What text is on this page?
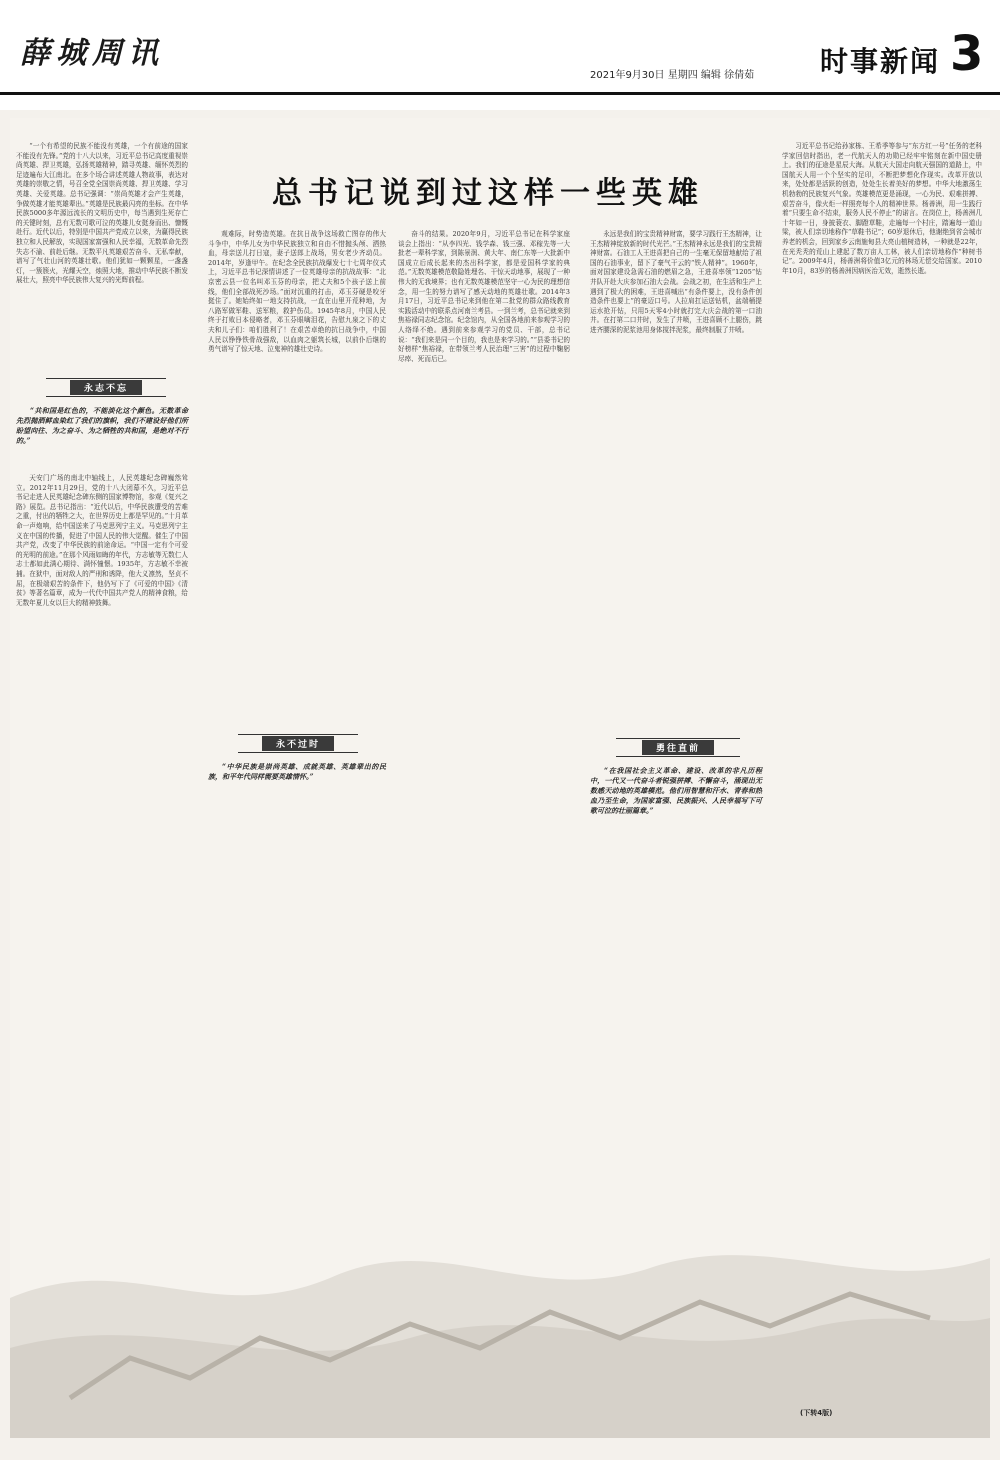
薛城周讯
2021年9月30日 星期四 编辑 徐倩茹 时事新闻 3
总书记说到过这样一些英雄

“一个有希望的民族不能没有英雄，一个有前途的国家不能没有先锋。”党的十八大以来，习近平总书记高度重视崇尚英雄、捍卫英雄，弘扬英雄精神，踏寻英雄、缅怀英烈的足迹遍布大江南北。在多个场合讲述英雄人物故事，表达对英雄的崇敬之情，号召全党全国崇尚英雄、捍卫英雄、学习英雄、关爱英雄。总书记强调：“崇尚英雄才会产生英雄，争做英雄才能英雄辈出。”英雄是民族最闪亮的坐标。在中华民族5000多年源远流长的文明历史中，每当遇到生死存亡的关键时刻，总有无数可歌可泣的英雄儿女挺身而出、慷慨赴行。近代以后，特别是中国共产党成立以来，为赢得民族独立和人民解放，实现国家富强和人民幸福，无数革命先烈失志不渝、前赴后继。无数平凡英雄艰苦奋斗、无私奉献，谱写了气壮山河的英雄壮歌。他们犹如一颗颗星，一盏盏灯，一簇簇火，光耀天空，烛照大地，推动中华民族不断发展壮大，照亮中华民族伟大复兴的光辉前程。

永志不忘

“共和国是红色的，不能淡化这个颜色。无数革命先烈抛洒鲜血染红了我们的旗帜，我们不建设好他们所盼望向往、为之奋斗、为之牺牲的共和国，是绝对不行的。”

天安门广场的南北中轴线上，人民英雄纪念碑巍然耸立。2012年11月29日，党的十八大闭幕不久，习近平总书记走进人民英雄纪念碑东侧的国家博物馆，参观《复兴之路》展览。总书记指出：“近代以后，中华民族遭受的苦难之重，付出的牺牲之大，在世界历史上都是罕见的。”十月革命一声炮响，给中国送来了马克思列宁主义。马克思列宁主义在中国的传播，促进了中国人民的伟大觉醒。催生了中国共产党，改变了中华民族的前途命运。“中国一定有个可爱的光明的前途。”在那个风雨如晦的年代，方志敏等无数仁人志士都如此满心期待、满怀憧憬。1935年，方志敏不幸被捕。在狱中，面对敌人的严刑和诱降，他大义凛然，坚贞不屈，在极端艰苦的条件下，他仍写下了《可爱的中国》《清贫》等著名篇章，成为一代代中国共产党人的精神食粮，给无数年夏儿女以巨大的精神鼓舞。

观难际，时势造英雄。在抗日战争这场救亡图存的伟大斗争中，中华儿女为中华民族独立和自由不惜抛头颅、洒热血，母亲送儿打日寇，妻子送郎上战场，男女老少齐动员。2014年，岁逢甲午。在纪念全民族抗战爆发七十七周年仪式上，习近平总书记深情讲述了一位英雄母亲的抗战故事：“北京密云县一位名叫邓玉芬的母亲，把丈夫和5个孩子送上前线，他们全部战死沙场。”面对沉重的打击，邓玉芬硬是咬牙挺住了。她始终如一地支持抗战，一直在山里开荒种地，为八路军做军鞋、送军粮，救护伤员。1945年8月，中国人民终于打败日本侵略者，邓玉芬眼噙泪花，告慰九泉之下的丈夫和儿子们：咱们胜利了！在艰苦卓绝的抗日战争中，中国人民以铮铮铁骨战强敌，以血肉之躯筑长城，以前仆后继的勇气谱写了惊天地、泣鬼神的雄壮史诗。

永不过时

“中华民族是崇尚英雄、成就英雄、英雄辈出的民族，和平年代同样需要英雄情怀。”

奋斗的结果。2020年9月，习近平总书记在科学家座谈会上指出：“从李四光、钱学森、钱三强、邓稼先等一大批老一辈科学家，到陈景润、黄大年、南仁东等一大批新中国成立后成长起来的杰出科学家，都是爱国科学家的典范。”无数英雄模范敬隐姓埋名、干惊天动地事，展现了一种伟大的无我境界；也有无数英雄模范坚守一心为民的理想信念，用一生的努力谱写了感天动地的英雄壮歌。2014年3月17日，习近平总书记来到他在第二批党的群众路线教育实践活动中的联系点河南兰考县。一到兰考，总书记就来到焦裕禄同志纪念馆。纪念馆内，从全国各地前来参观学习的人络绎不绝。遇到前来参观学习的党员、干部，总书记说：“我们来是同一个目的，我也是来学习的。”“县委书记的好榜样”焦裕禄，在带领兰考人民治理“三害”的过程中鞠躬尽瘁、死而后已。

永远是我们的宝贵精神财富，要学习践行王杰精神，让王杰精神绽放新的时代光芒。”王杰精神永远是我们的宝贵精神财富。石油工人王进喜把自己的一生毫无保留地献给了祖国的石油事业，留下了豪气干云的“铁人精神”。1960年，面对国家建设急需石油的燃眉之急，王进喜率领“1205”钻井队开赴大庆参加石油大会战。会战之初，在生活和生产上遇到了极大的困难，王进喜喊出“有条件要上，没有条件创造条件也要上”的豪迈口号。人拉肩扛运送钻机，盆端桶提运水抢开钻，只用5天零4小时就打完大庆会战的第一口油井。在打第二口井时，发生了井喷，王进喜顾不上腿伤，跳进齐腰深的泥浆池用身体搅拌泥浆，最终制服了井喷。

勇往直前

“在我国社会主义革命、建设、改革的非凡历程中，一代又一代奋斗者锐强拼搏、不懈奋斗，涌现出无数感天动地的英雄模范。他们用智慧和汗水、青春和热血乃至生命，为国家富强、民族振兴、人民幸福写下可歌可泣的壮丽篇章。”

习近平总书记给孙家栋、王希季等参与“东方红一号”任务的老科学家回信时指出，老一代航天人的功勋已经牢牢铭刻在新中国史册上。我们的征途是星辰大海。从航天大国走向航天强国的道路上，中国航天人用一个个坚实的足印，不断把梦想化作现实。改革开放以来，处处都是活跃的创造，处处生长着美好的梦想。中华大地激荡生机勃勃的民族复兴气象。英雄模范更是涌现，一心为民、艰难拼搏、艰苦奋斗，像火炬一样照亮每个人的精神世界。杨善洲，用一生践行着“只要生命不结束，服务人民不停止”的诺言。在岗位上，杨善洲几十年如一日，身披蓑衣、脚蹬草鞋，走遍每一个村庄，踏遍每一道山梁，被人们亲切地称作“草鞋书记”；60岁退休后，他谢绝到省会城市养老的机会，回到家乡云南施甸县大亮山植树造林，一种就是22年，在光秃秃的荒山上建起了数万亩人工林，被人们亲切地称作“种树书记”。2009年4月，杨善洲将价值3亿元的林场无偿交给国家。2010年10月，83岁的杨善洲因病医治无效，逝然长逝。

(下转4版)
